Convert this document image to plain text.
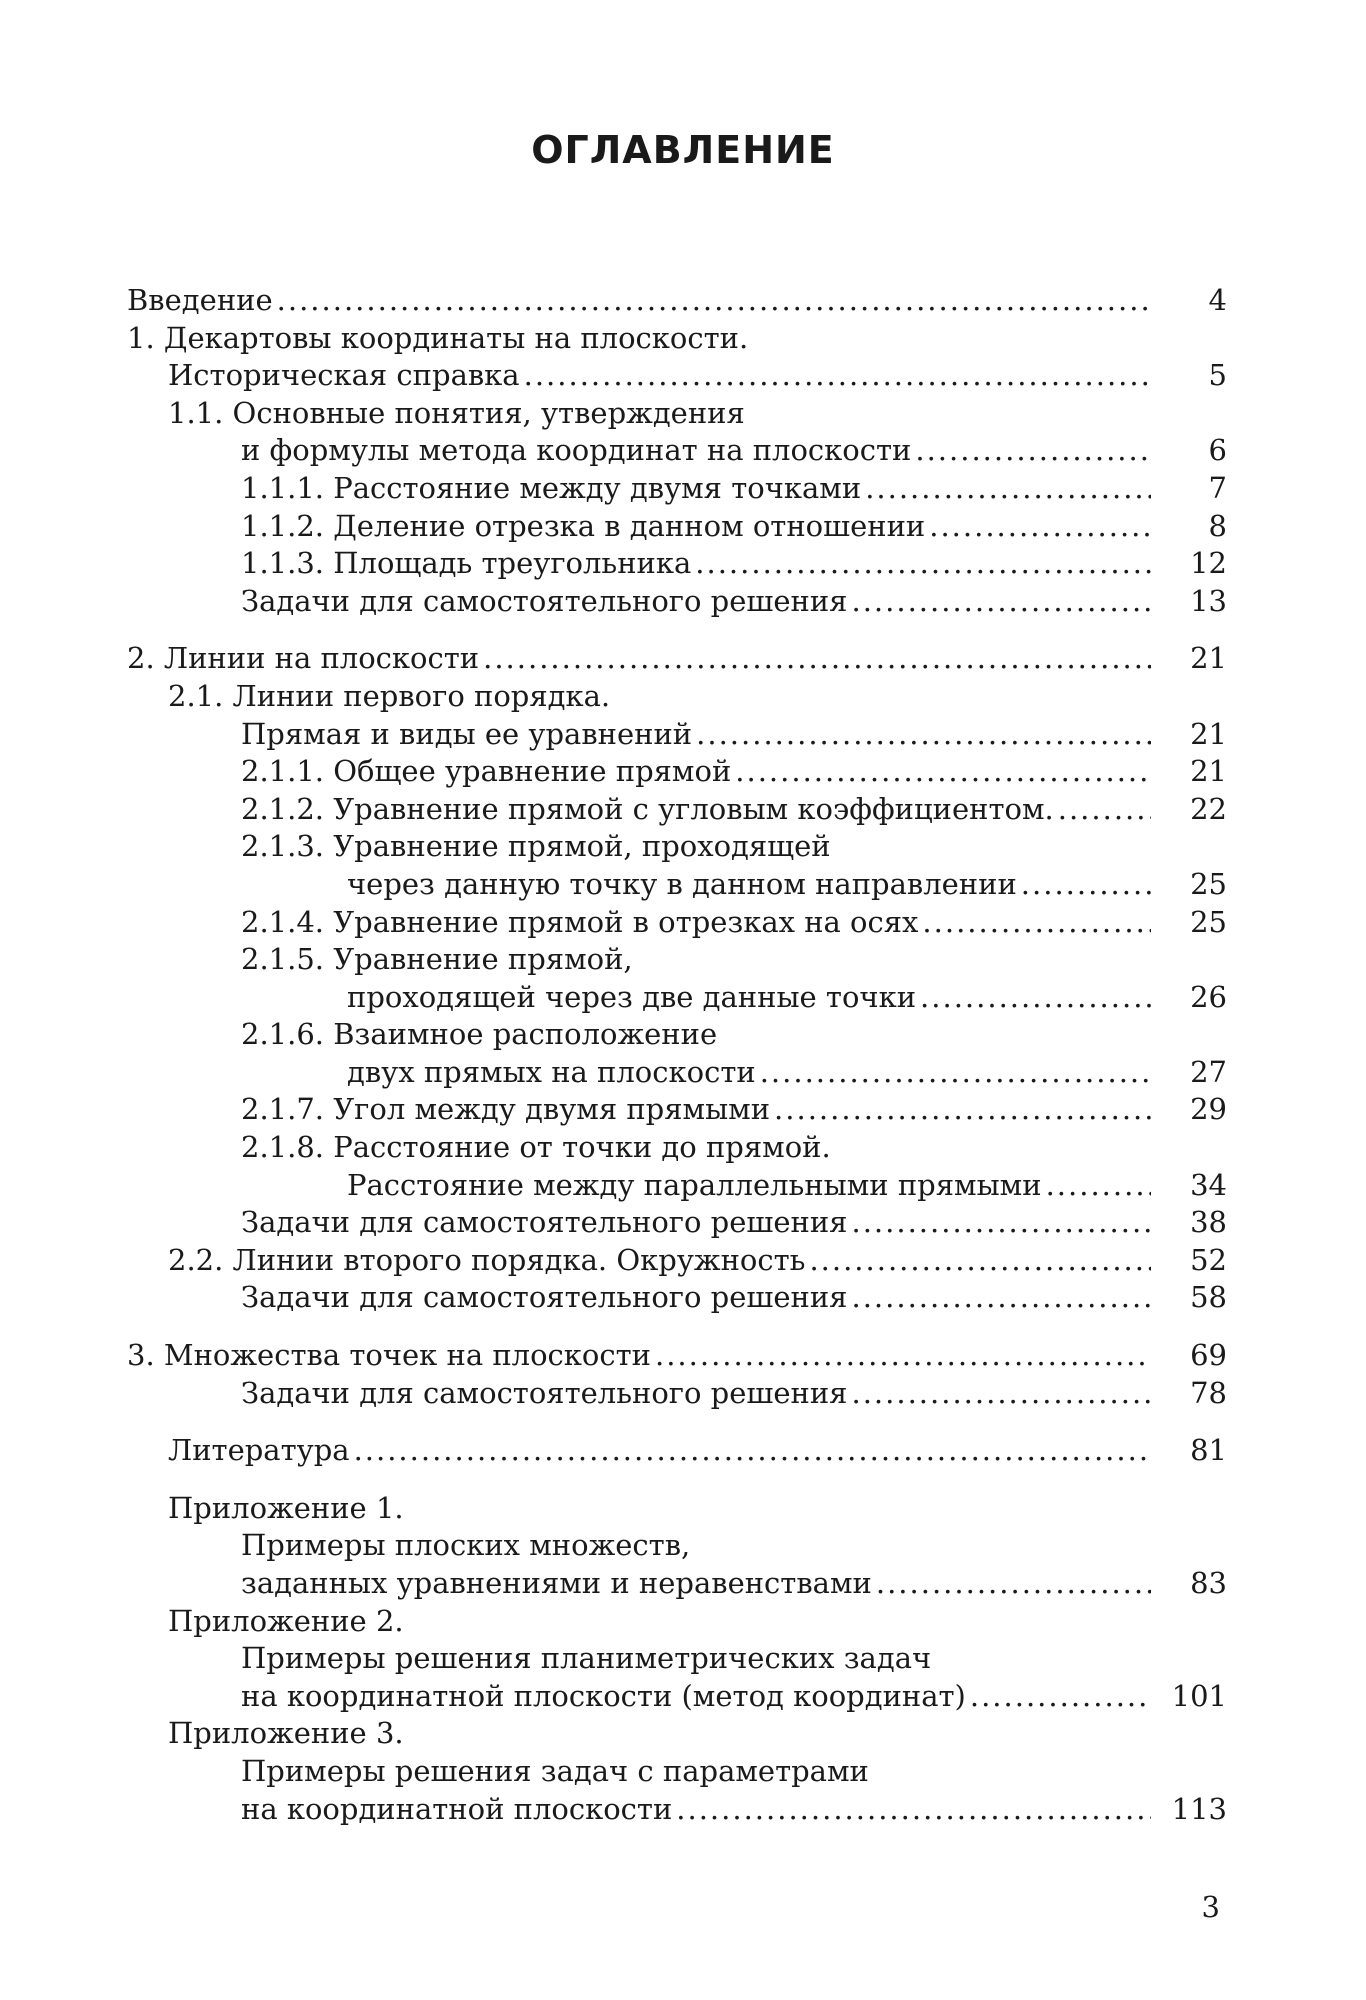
ОГЛАВЛЕНИЕ
Введение .....	4
1. Декартовы координаты на плоскости.
Историческая справка .....	5
1.1. Основные понятия, утверждения
и формулы метода координат на плоскости .....	6
1.1.1. Расстояние между двумя точками .....	7
1.1.2. Деление отрезка в данном отношении .....	8
1.1.3. Площадь треугольника .....	12
Задачи для самостоятельного решения .....	13
2. Линии на плоскости .....	21
2.1. Линии первого порядка.
Прямая и виды ее уравнений .....	21
2.1.1. Общее уравнение прямой .....	21
2.1.2. Уравнение прямой с угловым коэффициентом. .....	22
2.1.3. Уравнение прямой, проходящей
через данную точку в данном направлении .....	25
2.1.4. Уравнение прямой в отрезках на осях .....	25
2.1.5. Уравнение прямой,
проходящей через две данные точки .....	26
2.1.6. Взаимное расположение
двух прямых на плоскости .....	27
2.1.7. Угол между двумя прямыми .....	29
2.1.8. Расстояние от точки до прямой.
Расстояние между параллельными прямыми .....	34
Задачи для самостоятельного решения .....	38
2.2. Линии второго порядка. Окружность .....	52
Задачи для самостоятельного решения .....	58
3. Множества точек на плоскости .....	69
Задачи для самостоятельного решения .....	78
Литература .....	81
Приложение 1.
Примеры плоских множеств,
заданных уравнениями и неравенствами .....	83
Приложение 2.
Примеры решения планиметрических задач
на координатной плоскости (метод координат) .....	101
Приложение 3.
Примеры решения задач с параметрами
на координатной плоскости .....	113
3
